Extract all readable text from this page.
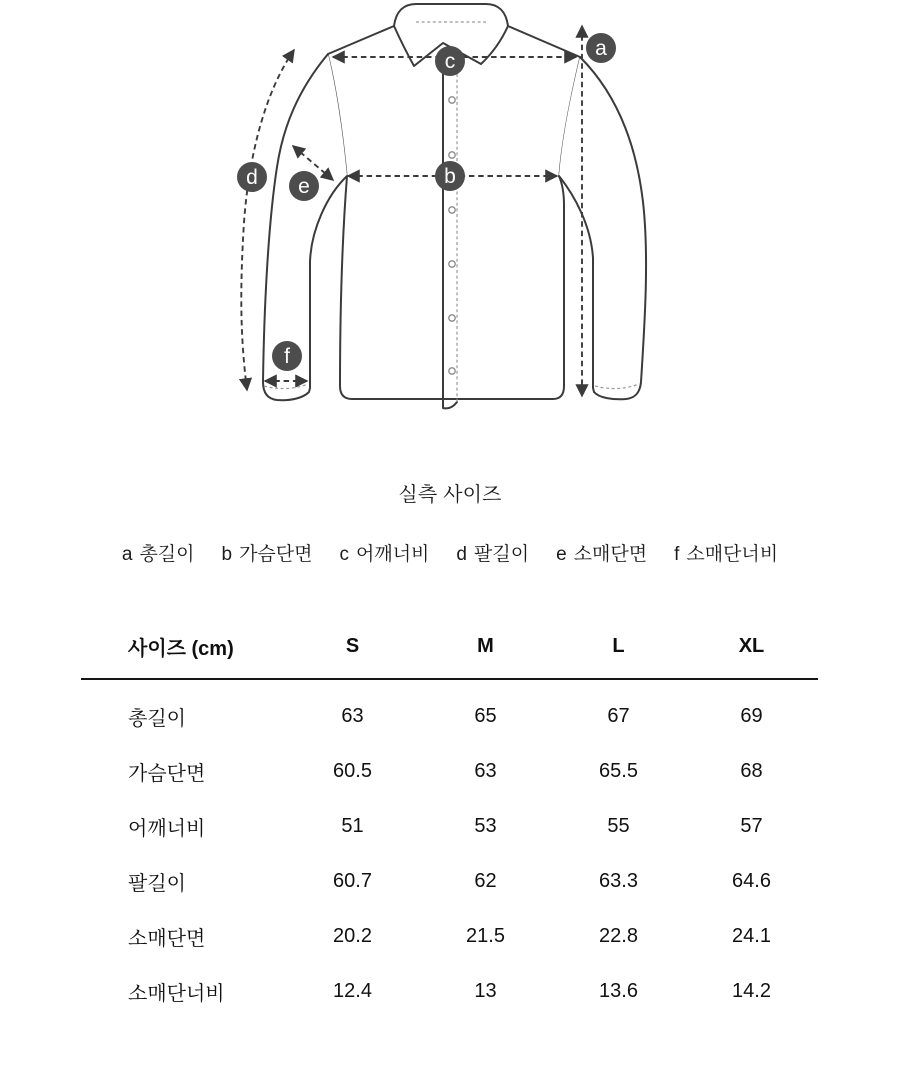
a
b
c
d e
f
실측 사이즈
a 총길이 b 가슴단면 c 어깨너비 d 팔길이 e 소매단면 f 소매단너비
사이즈 (cm)	S	M	L	XL
총길이	63	65	67	69
가슴단면	60.5	63	65.5	68
어깨너비	51	53	55	57
팔길이	60.7	62	63.3	64.6
소매단면	20.2	21.5	22.8	24.1
소매단너비	12.4	13	13.6	14.2
